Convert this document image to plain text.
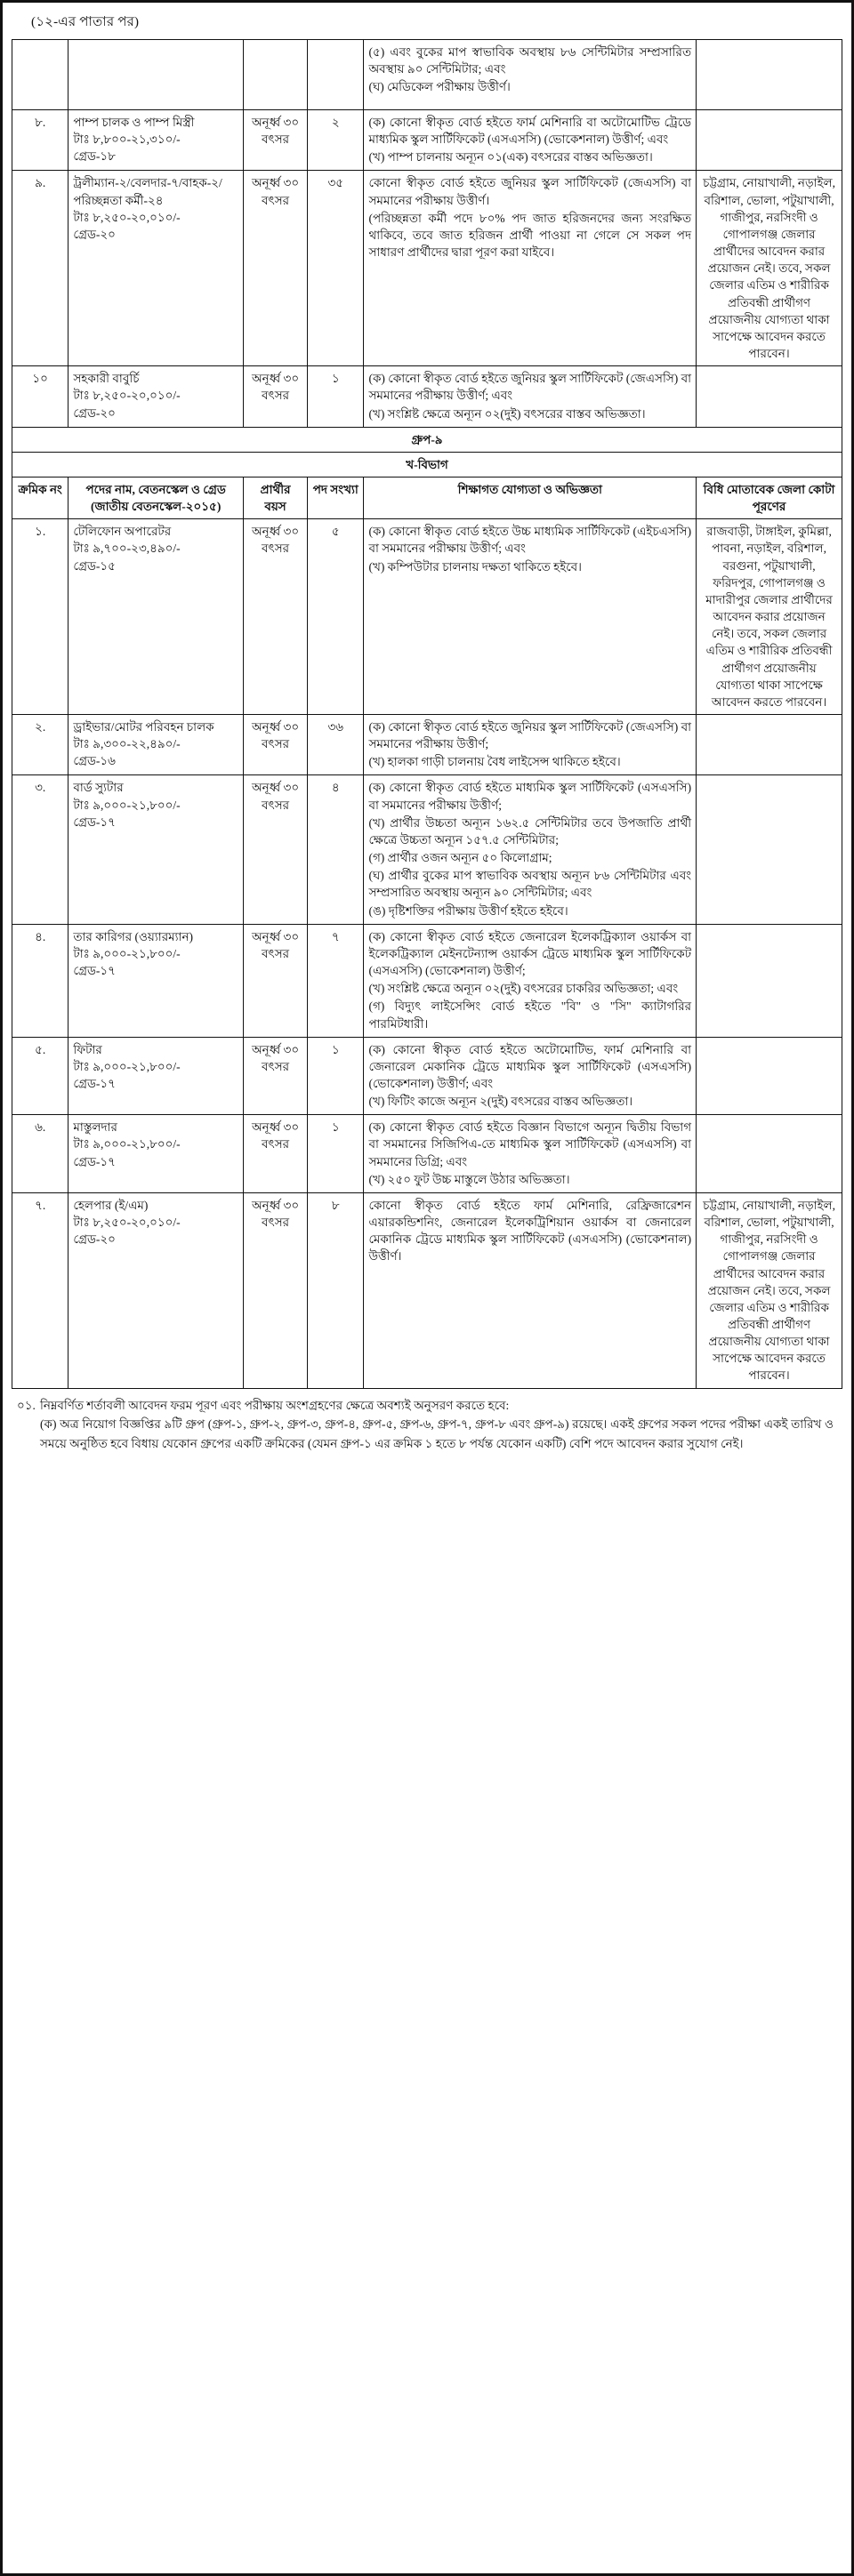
(১২-এর পাতার পর)

				(৫) এবং বুকের মাপ স্বাভাবিক অবস্থায় ৮৬ সেন্টিমিটার সম্প্রসারিত অবস্থায় ৯০ সেন্টিমিটার; এবং

(ঘ) মেডিকেল পরীক্ষায় উত্তীর্ণ।	

৮.	পাম্প চালক ও পাম্প মিস্ত্রী
টাঃ ৮,৮০০-২১,৩১০/-
গ্রেড-১৮
	অনূর্ধ্ব ৩০ বৎসর	২	(ক) কোনো স্বীকৃত বোর্ড হইতে ফার্ম মেশিনারি বা অটোমোটিভ ট্রেডে মাধ্যমিক স্কুল সার্টিফিকেট (এসএসসি) (ভোকেশনাল) উত্তীর্ণ; এবং

(খ) পাম্প চালনায় অন্যূন ০১(এক) বৎসরের বাস্তব অভিজ্ঞতা।

৯.	ট্রলীম্যান-২/বেলদার-৭/বাহক-২/ পরিচ্ছন্নতা কর্মী-২৪
টাঃ ৮,২৫০-২০,০১০/-
গ্রেড-২০
	অনূর্ধ্ব ৩০ বৎসর	৩৫	কোনো স্বীকৃত বোর্ড হইতে জুনিয়র স্কুল সার্টিফিকেট (জেএসসি) বা সমমানের পরীক্ষায় উত্তীর্ণ।

(পরিচ্ছন্নতা কর্মী পদে ৮০% পদ জাত হরিজনদের জন্য সংরক্ষিত থাকিবে, তবে জাত হরিজন প্রার্থী পাওয়া না গেলে সে সকল পদ সাধারণ প্রার্থীদের দ্বারা পূরণ করা যাইবে।

	চট্টগ্রাম, নোয়াখালী, নড়াইল, বরিশাল, ভোলা, পটুয়াখালী, গাজীপুর, নরসিংদী ও গোপালগঞ্জ জেলার প্রার্থীদের আবেদন করার প্রয়োজন নেই। তবে, সকল জেলার এতিম ও শারীরিক প্রতিবন্ধী প্রার্থীগণ প্রয়োজনীয় যোগ্যতা থাকা সাপেক্ষে আবেদন করতে পারবেন।
১০	সহকারী বাবুর্চি
টাঃ ৮,২৫০-২০,০১০/-
গ্রেড-২০
	অনূর্ধ্ব ৩০ বৎসর	১	(ক) কোনো স্বীকৃত বোর্ড হইতে জুনিয়র স্কুল সার্টিফিকেট (জেএসসি) বা সমমানের পরীক্ষায় উত্তীর্ণ; এবং

(খ) সংশ্লিষ্ট ক্ষেত্রে অন্যূন ০২(দুই) বৎসরের বাস্তব অভিজ্ঞতা।

গ্রুপ-৯					
খ-বিভাগ					
ক্রমিক নং	পদের নাম, বেতনস্কেল ও গ্রেড (জাতীয় বেতনস্কেল-২০১৫)	প্রার্থীর বয়স	পদ সংখ্যা	শিক্ষাগত যোগ্যতা ও অভিজ্ঞতা	বিধি মোতাবেক জেলা কোটা পূরণের
১.	টেলিফোন অপারেটর
টাঃ ৯,৭০০-২৩,৪৯০/-
গ্রেড-১৫
	অনূর্ধ্ব ৩০ বৎসর	৫	(ক) কোনো স্বীকৃত বোর্ড হইতে উচ্চ মাধ্যমিক সার্টিফিকেট (এইচএসসি) বা সমমানের পরীক্ষায় উত্তীর্ণ; এবং

(খ) কম্পিউটার চালনায় দক্ষতা থাকিতে হইবে।

	রাজবাড়ী, টাঙ্গাইল, কুমিল্লা, পাবনা, নড়াইল, বরিশাল, বরগুনা, পটুয়াখালী, ফরিদপুর, গোপালগঞ্জ ও মাদারীপুর জেলার প্রার্থীদের আবেদন করার প্রয়োজন নেই। তবে, সকল জেলার এতিম ও শারীরিক প্রতিবন্ধী প্রার্থীগণ প্রয়োজনীয় যোগ্যতা থাকা সাপেক্ষে আবেদন করতে পারবেন।
২.	ড্রাইভার/মোটর পরিবহন চালক
টাঃ ৯,৩০০-২২,৪৯০/-
গ্রেড-১৬
	অনূর্ধ্ব ৩০ বৎসর	৩৬	(ক) কোনো স্বীকৃত বোর্ড হইতে জুনিয়র স্কুল সার্টিফিকেট (জেএসসি) বা সমমানের পরীক্ষায় উত্তীর্ণ;

(খ) হালকা গাড়ী চালনায় বৈধ লাইসেন্স থাকিতে হইবে।

৩.	বার্ড স্যুটার
টাঃ ৯,০০০-২১,৮০০/-
গ্রেড-১৭
	অনূর্ধ্ব ৩০ বৎসর	৪	(ক) কোনো স্বীকৃত বোর্ড হইতে মাধ্যমিক স্কুল সার্টিফিকেট (এসএসসি) বা সমমানের পরীক্ষায় উত্তীর্ণ;

(খ) প্রার্থীর উচ্চতা অন্যূন ১৬২.৫ সেন্টিমিটার তবে উপজাতি প্রার্থী ক্ষেত্রে উচ্চতা অন্যূন ১৫৭.৫ সেন্টিমিটার;

(গ) প্রার্থীর ওজন অন্যূন ৫০ কিলোগ্রাম;

(ঘ) প্রার্থীর বুকের মাপ স্বাভাবিক অবস্থায় অন্যূন ৮৬ সেন্টিমিটার এবং সম্প্রসারিত অবস্থায় অন্যূন ৯০ সেন্টিমিটার; এবং

(ঙ) দৃষ্টিশক্তির পরীক্ষায় উত্তীর্ণ হইতে হইবে।

৪.	তার কারিগর (ওয়্যারম্যান)
টাঃ ৯,০০০-২১,৮০০/-
গ্রেড-১৭
	অনূর্ধ্ব ৩০ বৎসর	৭	(ক) কোনো স্বীকৃত বোর্ড হইতে জেনারেল ইলেকট্রিক্যাল ওয়ার্কস বা ইলেকট্রিক্যাল মেইনটেন্যান্স ওয়ার্কস ট্রেডে মাধ্যমিক স্কুল সার্টিফিকেট (এসএসসি) (ভোকেশনাল) উত্তীর্ণ;

(খ) সংশ্লিষ্ট ক্ষেত্রে অন্যূন ০২(দুই) বৎসরের চাকরির অভিজ্ঞতা; এবং

(গ) বিদ্যুৎ লাইসেন্সিং বোর্ড হইতে "বি" ও "সি" ক্যাটাগরির পারমিটধারী।

৫.	ফিটার
টাঃ ৯,০০০-২১,৮০০/-
গ্রেড-১৭
	অনূর্ধ্ব ৩০ বৎসর	১	(ক) কোনো স্বীকৃত বোর্ড হইতে অটোমোটিভ, ফার্ম মেশিনারি বা জেনারেল মেকানিক ট্রেডে মাধ্যমিক স্কুল সার্টিফিকেট (এসএসসি) (ভোকেশনাল) উত্তীর্ণ; এবং

(খ) ফিটিং কাজে অন্যূন ২(দুই) বৎসরের বাস্তব অভিজ্ঞতা।

৬.	মাস্তুলদার
টাঃ ৯,০০০-২১,৮০০/-
গ্রেড-১৭
	অনূর্ধ্ব ৩০ বৎসর	১	(ক) কোনো স্বীকৃত বোর্ড হইতে বিজ্ঞান বিভাগে অন্যূন দ্বিতীয় বিভাগ বা সমমানের সিজিপিএ-তে মাধ্যমিক স্কুল সার্টিফিকেট (এসএসসি) বা সমমানের ডিগ্রি; এবং

(খ) ২৫০ ফুট উচ্চ মাস্তুলে উঠার অভিজ্ঞতা।

৭.	হেলপার (ই/এম)
টাঃ ৮,২৫০-২০,০১০/-
গ্রেড-২০
	অনূর্ধ্ব ৩০ বৎসর	৮	কোনো স্বীকৃত বোর্ড হইতে ফার্ম মেশিনারি, রেফ্রিজারেশন এয়ারকন্ডিশনিং, জেনারেল ইলেকট্রিশিয়ান ওয়ার্কস বা জেনারেল মেকানিক ট্রেডে মাধ্যমিক স্কুল সার্টিফিকেট (এসএসসি) (ভোকেশনাল) উত্তীর্ণ।

	চট্টগ্রাম, নোয়াখালী, নড়াইল, বরিশাল, ভোলা, পটুয়াখালী, গাজীপুর, নরসিংদী ও গোপালগঞ্জ জেলার প্রার্থীদের আবেদন করার প্রয়োজন নেই। তবে, সকল জেলার এতিম ও শারীরিক প্রতিবন্ধী প্রার্থীগণ প্রয়োজনীয় যোগ্যতা থাকা সাপেক্ষে আবেদন করতে পারবেন।
০১. নিম্নবর্ণিত শর্তাবলী আবেদন ফরম পূরণ এবং পরীক্ষায় অংশগ্রহণের ক্ষেত্রে অবশ্যই অনুসরণ করতে হবে:
(ক) অত্র নিয়োগ বিজ্ঞপ্তির ৯টি গ্রুপ (গ্রুপ-১, গ্রুপ-২, গ্রুপ-৩, গ্রুপ-৪, গ্রুপ-৫, গ্রুপ-৬, গ্রুপ-৭, গ্রুপ-৮ এবং গ্রুপ-৯) রয়েছে। একই গ্রুপের সকল পদের পরীক্ষা একই তারিখ ও সময়ে অনুষ্ঠিত হবে বিধায় যেকোন গ্রুপের একটি ক্রমিকের (যেমন গ্রুপ-১ এর ক্রমিক ১ হতে ৮ পর্যন্ত যেকোন একটি) বেশি পদে আবেদন করার সুযোগ নেই।
